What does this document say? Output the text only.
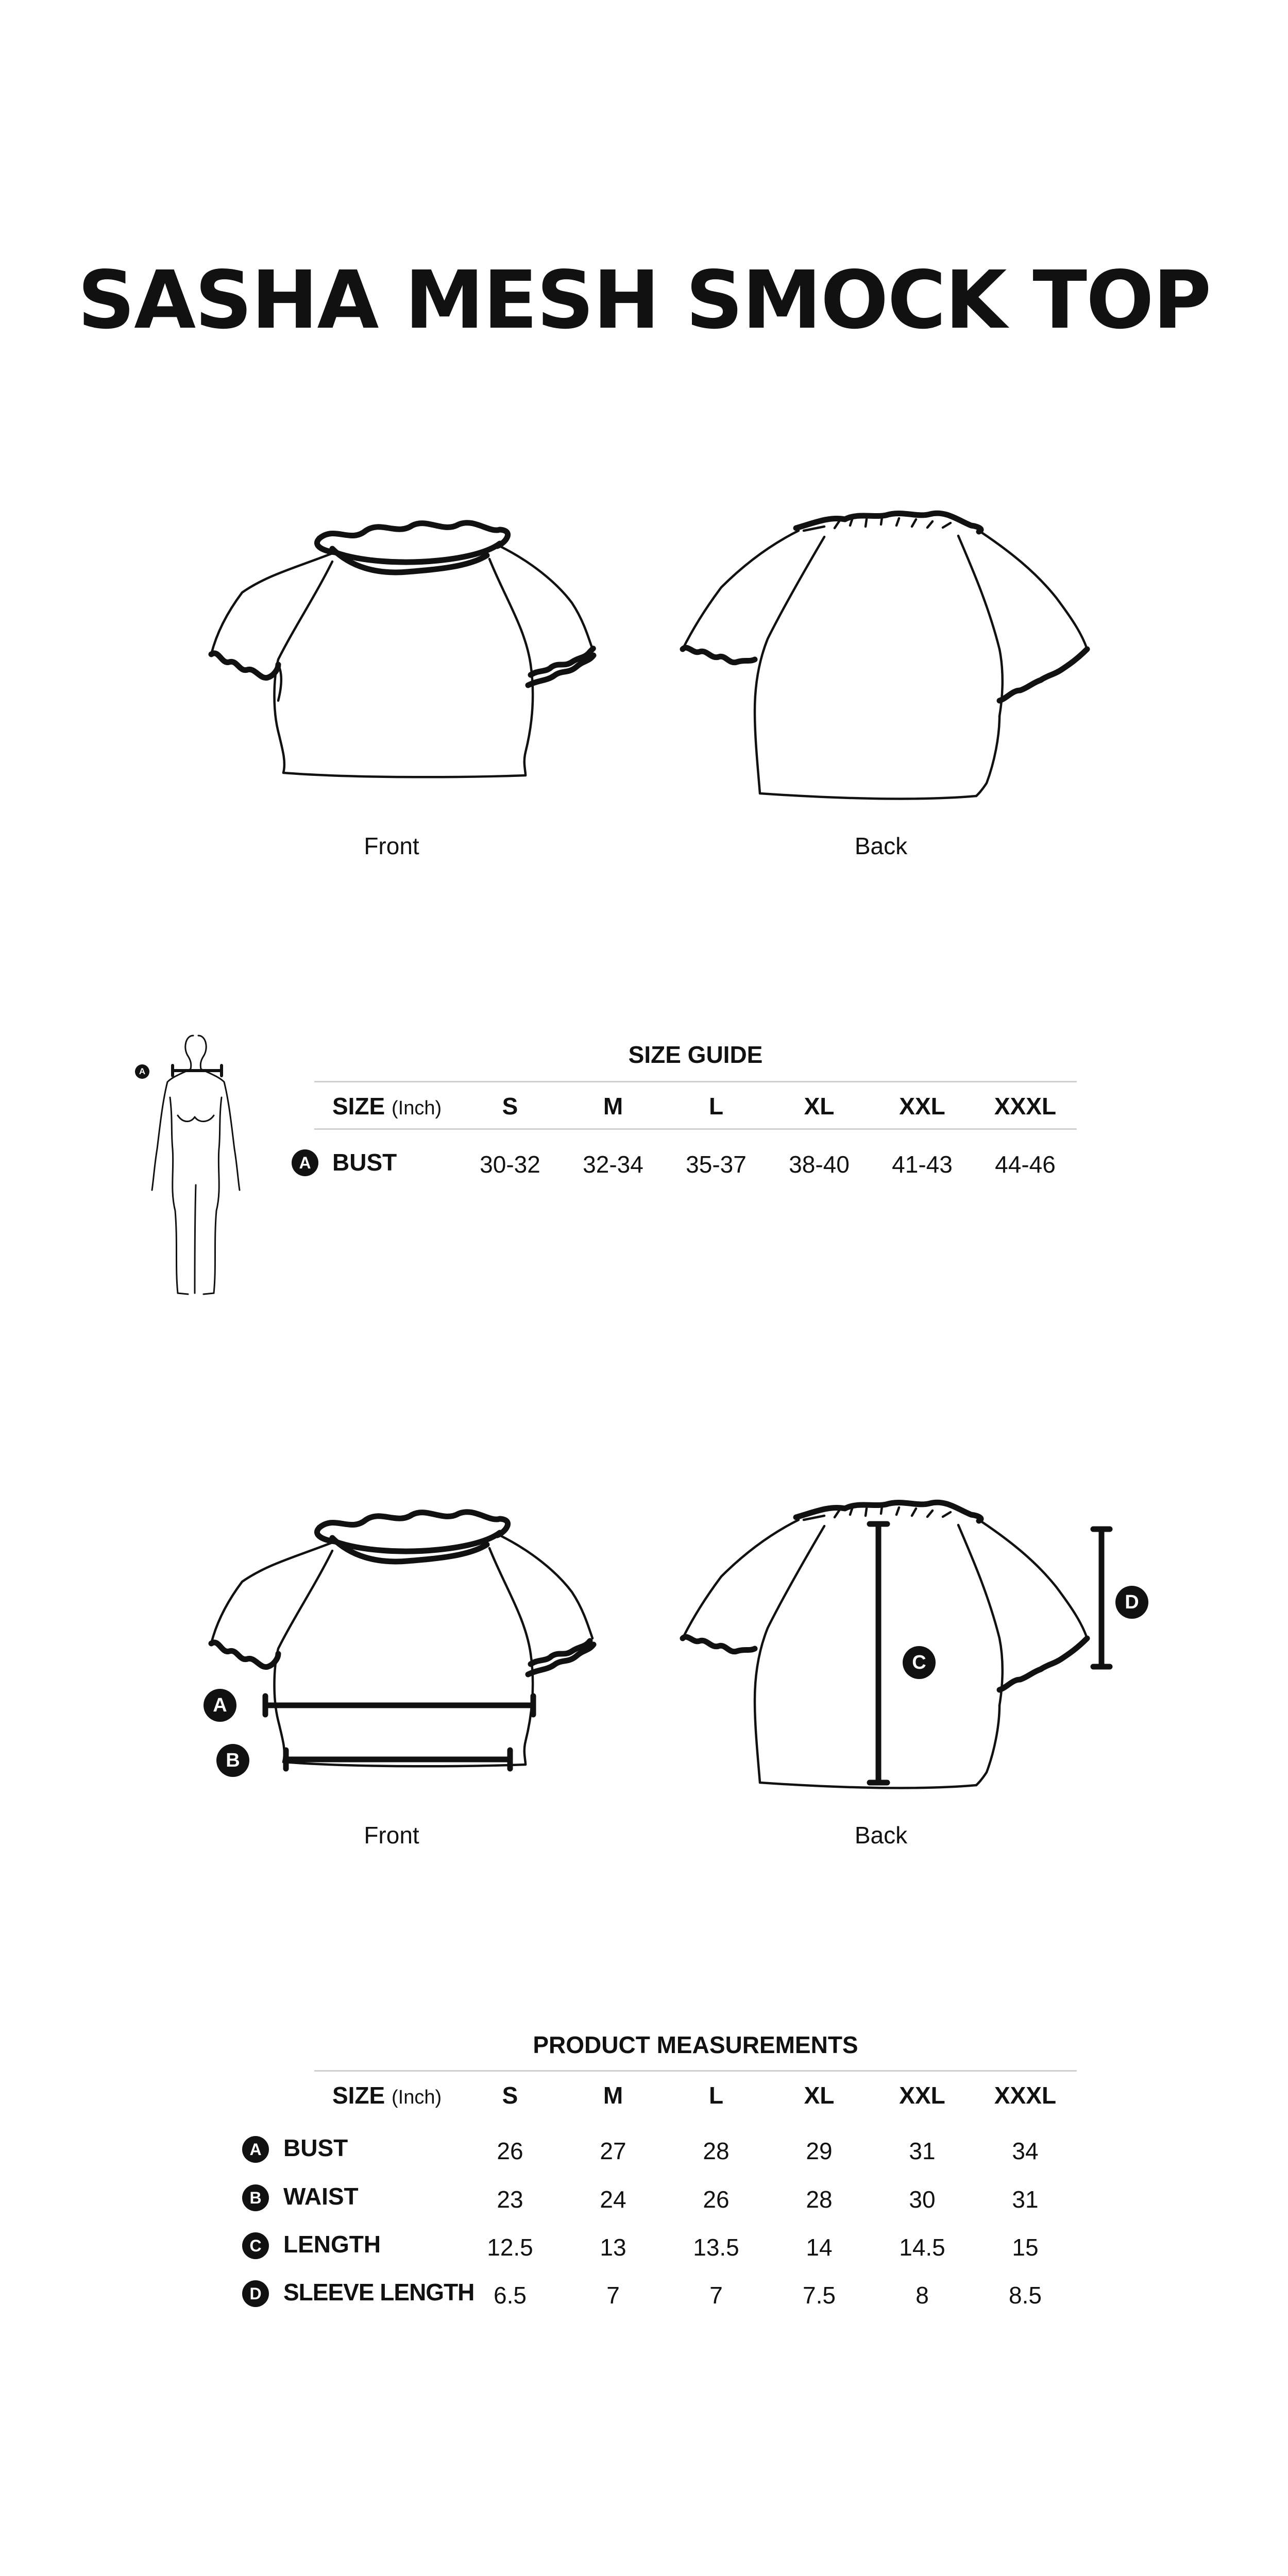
SASHA MESH SMOCK TOP
Front	Back
A
SIZE GUIDE
SIZE (Inch)	S	M	L	XL	XXL	XXXL
A BUST	30-32	32-34	35-37	38-40	41-43	44-46
A
B
C
D
Front	Back
PRODUCT MEASUREMENTS
SIZE (Inch)	S	M	L	XL	XXL	XXXL
A BUST	26	27	28	29	31	34
B WAIST	23	24	26	28	30	31
C LENGTH	12.5	13	13.5	14	14.5	15
D SLEEVE LENGTH 6.5	7	7	7.5	8	8.5
